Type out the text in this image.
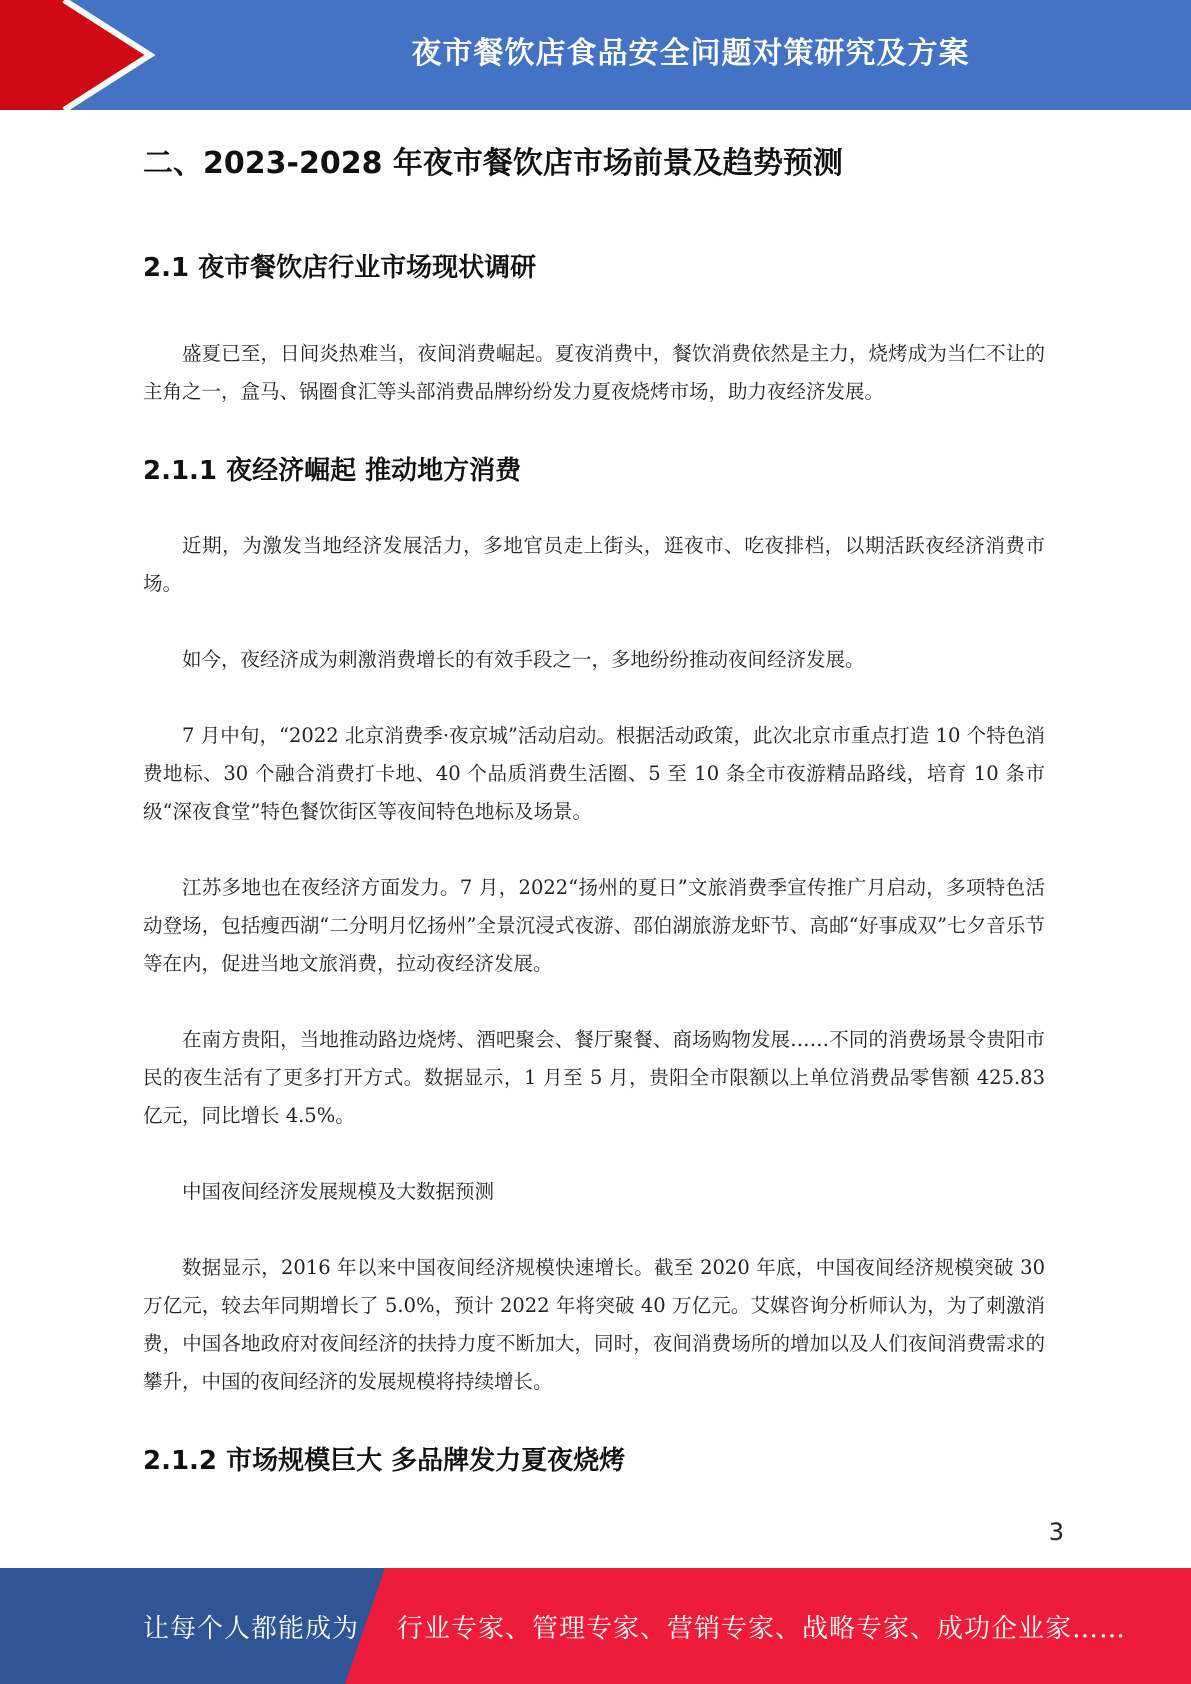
夜市餐饮店食品安全问题对策研究及方案
二、2023-2028 年夜市餐饮店市场前景及趋势预测
2.1 夜市餐饮店行业市场现状调研

盛夏已至，日间炎热难当，夜间消费崛起。夏夜消费中，餐饮消费依然是主力，烧烤成为当仁不让的主角之一，盒马、锅圈食汇等头部消费品牌纷纷发力夏夜烧烤市场，助力夜经济发展。

2.1.1 夜经济崛起 推动地方消费

近期，为激发当地经济发展活力，多地官员走上街头，逛夜市、吃夜排档，以期活跃夜经济消费市场。

如今，夜经济成为刺激消费增长的有效手段之一，多地纷纷推动夜间经济发展。

7 月中旬，“2022 北京消费季·夜京城”活动启动。根据活动政策，此次北京市重点打造 10 个特色消费地标、30 个融合消费打卡地、40 个品质消费生活圈、5 至 10 条全市夜游精品路线，培育 10 条市级“深夜食堂”特色餐饮街区等夜间特色地标及场景。

江苏多地也在夜经济方面发力。7 月，2022“扬州的夏日”文旅消费季宣传推广月启动，多项特色活动登场，包括瘦西湖“二分明月忆扬州”全景沉浸式夜游、邵伯湖旅游龙虾节、高邮“好事成双”七夕音乐节等在内，促进当地文旅消费，拉动夜经济发展。

在南方贵阳，当地推动路边烧烤、酒吧聚会、餐厅聚餐、商场购物发展……不同的消费场景令贵阳市民的夜生活有了更多打开方式。数据显示，1 月至 5 月，贵阳全市限额以上单位消费品零售额 425.83 亿元，同比增长 4.5%。

中国夜间经济发展规模及大数据预测

数据显示，2016 年以来中国夜间经济规模快速增长。截至 2020 年底，中国夜间经济规模突破 30 万亿元，较去年同期增长了 5.0%，预计 2022 年将突破 40 万亿元。艾媒咨询分析师认为，为了刺激消费，中国各地政府对夜间经济的扶持力度不断加大，同时，夜间消费场所的增加以及人们夜间消费需求的攀升，中国的夜间经济的发展规模将持续增长。

2.1.2 市场规模巨大 多品牌发力夏夜烧烤
3
让每个人都能成为 行业专家、管理专家、营销专家、战略专家、成功企业家……
